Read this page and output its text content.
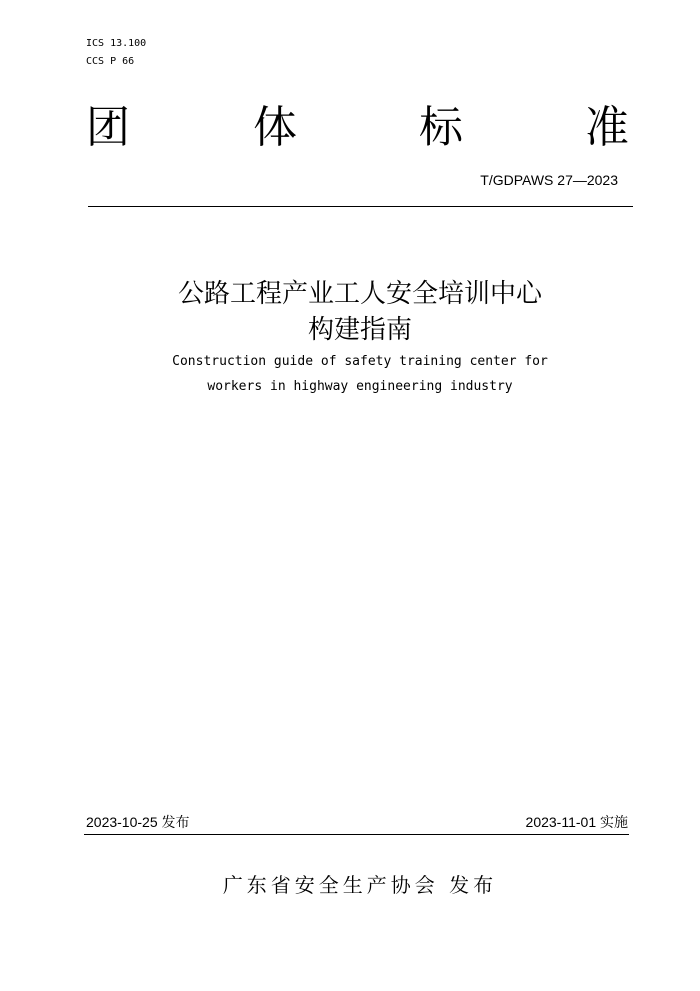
ICS 13.100
CCS P 66
团	体	标	准
T/GDPAWS 27—2023
公路工程产业工人安全培训中心
构建指南
Construction guide of safety training center for
workers in highway engineering industry
2023-10-25 发布	2023-11-01 实施
广东省安全生产协会 发布
